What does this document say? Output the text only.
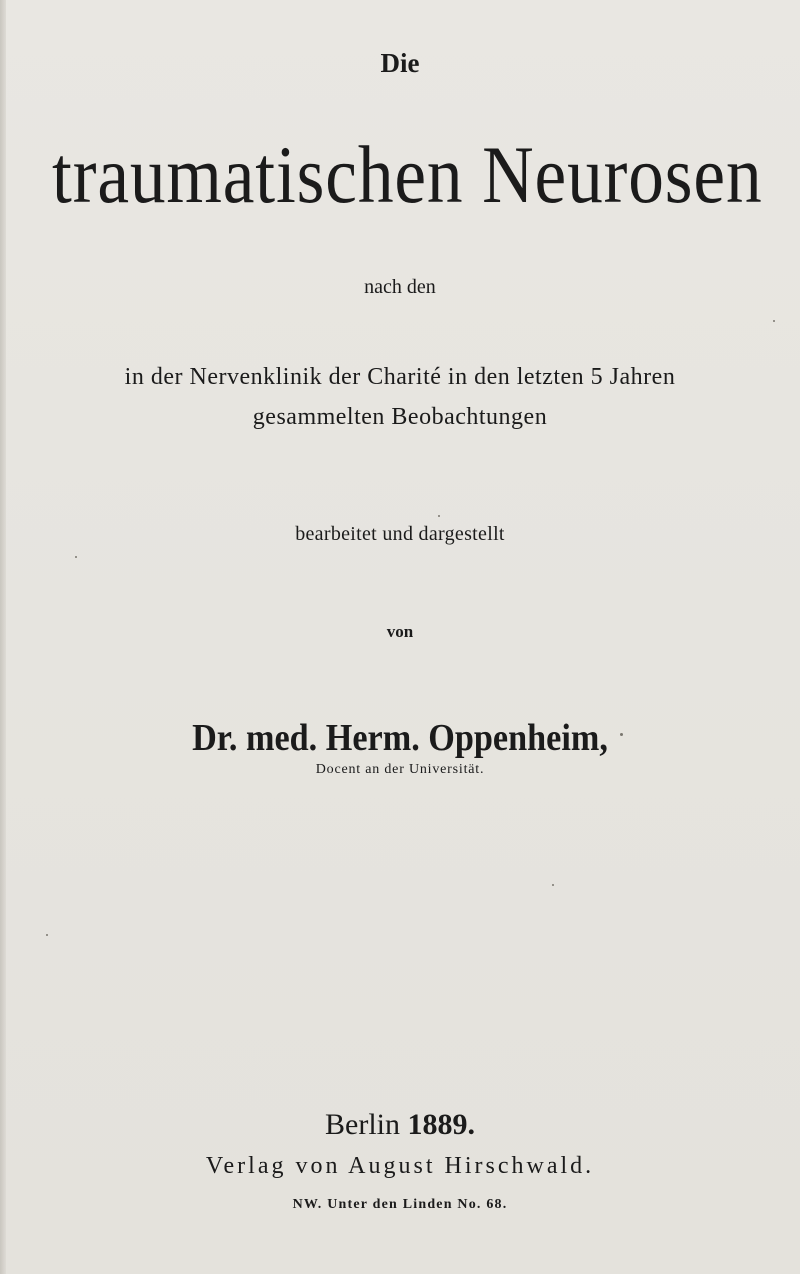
Die
traumatischen Neurosen
nach den
in der Nervenklinik der Charité in den letzten 5 Jahren
gesammelten Beobachtungen
bearbeitet und dargestellt
von
Dr. med. Herm. Oppenheim,
Docent an der Universität.
Berlin 1889.
Verlag von August Hirschwald.
NW. Unter den Linden No. 68.
